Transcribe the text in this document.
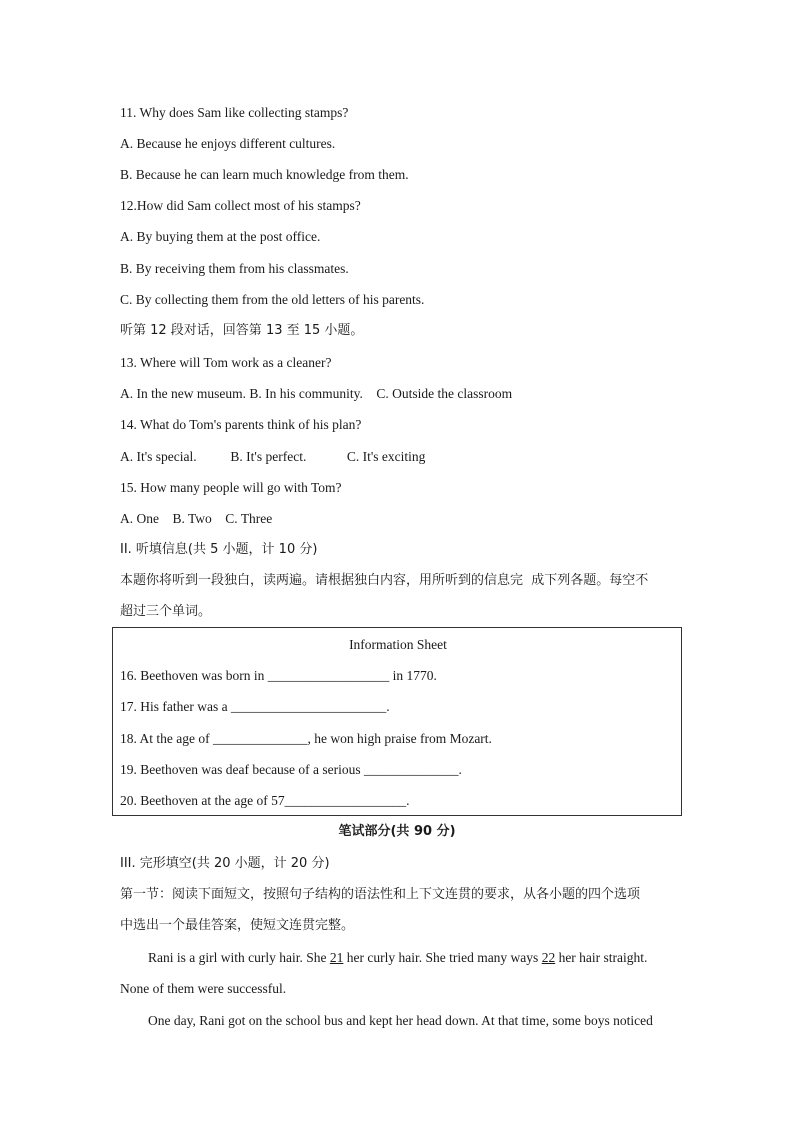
11. Why does Sam like collecting stamps?
A. Because he enjoys different cultures.
B. Because he can learn much knowledge from them.
12.How did Sam collect most of his stamps?
A. By buying them at the post office.
B. By receiving them from his classmates.
C. By collecting them from the old letters of his parents.
听第 12 段对话，回答第 13 至 15 小题。
13. Where will Tom work as a cleaner?
A. In the new museum. B. In his community.    C. Outside the classroom
14. What do Tom's parents think of his plan?
A. It's special.          B. It's perfect.            C. It's exciting
15. How many people will go with Tom?
A. One    B. Two    C. Three
II. 听填信息(共 5 小题，计 10 分)
本题你将听到一段独白，读两遍。请根据独白内容，用所听到的信息完  成下列各题。每空不
超过三个单词。
Information Sheet
16. Beethoven was born in __________________ in 1770.
17. His father was a _______________________.
18. At the age of ______________, he won high praise from Mozart.
19. Beethoven was deaf because of a serious ______________.
20. Beethoven at the age of 57__________________.
笔试部分(共 90 分)
III. 完形填空(共 20 小题，计 20 分)
第一节：阅读下面短文，按照句子结构的语法性和上下文连贯的要求，从各小题的四个选项
中选出一个最佳答案，使短文连贯完整。
Rani is a girl with curly hair. She 21 her curly hair. She tried many ways 22 her hair straight.
None of them were successful.
One day, Rani got on the school bus and kept her head down. At that time, some boys noticed
